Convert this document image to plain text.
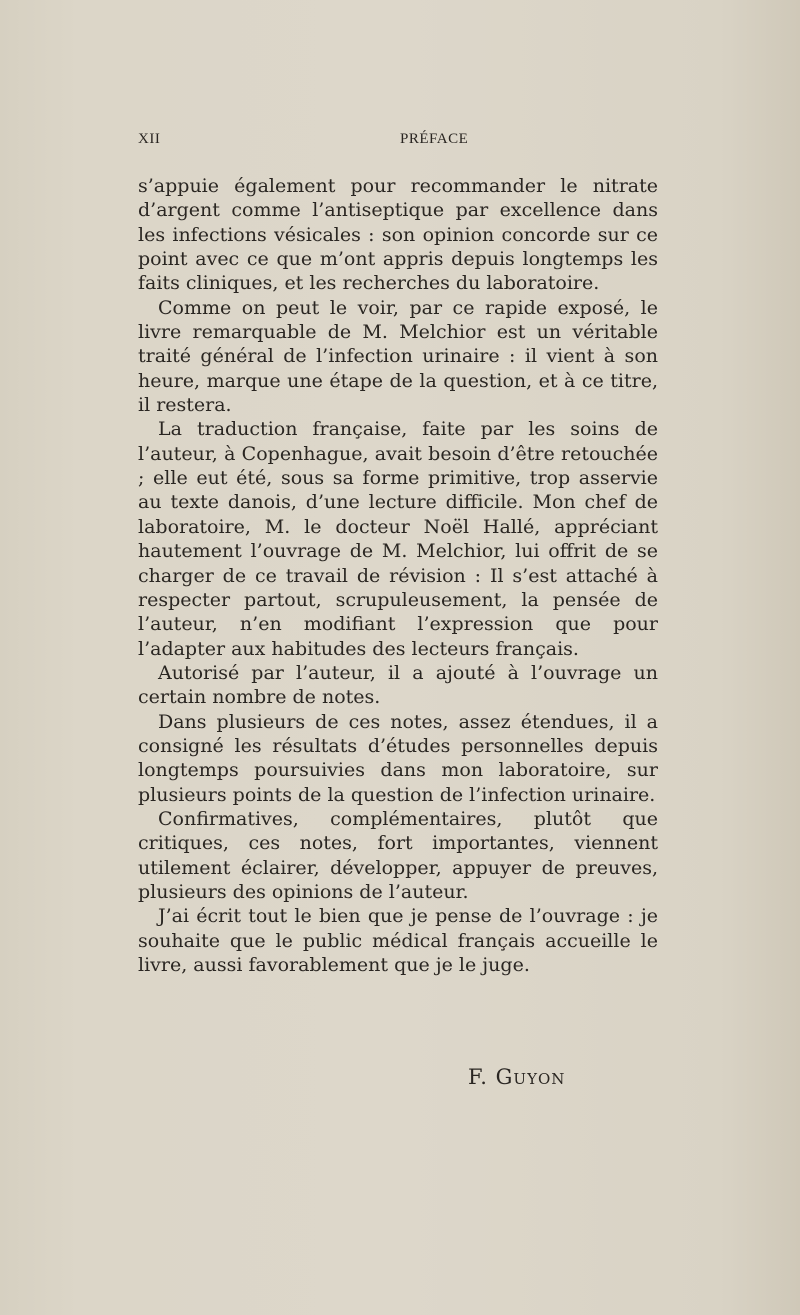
XII	PRÉFACE

s’appuie également pour recommander le nitrate d’argent comme l’antiseptique par excellence dans les infections vésicales : son opinion concorde sur ce point avec ce que m’ont appris depuis longtemps les faits cliniques, et les recherches du laboratoire.

Comme on peut le voir, par ce rapide exposé, le livre remarquable de M. Melchior est un véritable traité général de l’infection urinaire : il vient à son heure, marque une étape de la question, et à ce titre, il restera.

La traduction française, faite par les soins de l’auteur, à Copenhague, avait besoin d’être retouchée ; elle eut été, sous sa forme primitive, trop asservie au texte danois, d’une lecture difficile. Mon chef de laboratoire, M. le docteur Noël Hallé, appréciant hautement l’ouvrage de M. Melchior, lui offrit de se charger de ce travail de révision : Il s’est attaché à respecter partout, scrupuleusement, la pensée de l’auteur, n’en modifiant l’expression que pour l’adapter aux habitudes des lecteurs français.

Autorisé par l’auteur, il a ajouté à l’ouvrage un certain nombre de notes.

Dans plusieurs de ces notes, assez étendues, il a consigné les résultats d’études personnelles depuis longtemps poursuivies dans mon laboratoire, sur plusieurs points de la question de l’infection urinaire.

Confirmatives, complémentaires, plutôt que critiques, ces notes, fort importantes, viennent utilement éclairer, développer, appuyer de preuves, plusieurs des opinions de l’auteur.

J’ai écrit tout le bien que je pense de l’ouvrage : je souhaite que le public médical français accueille le livre, aussi favorablement que je le juge.

F. Guyon
